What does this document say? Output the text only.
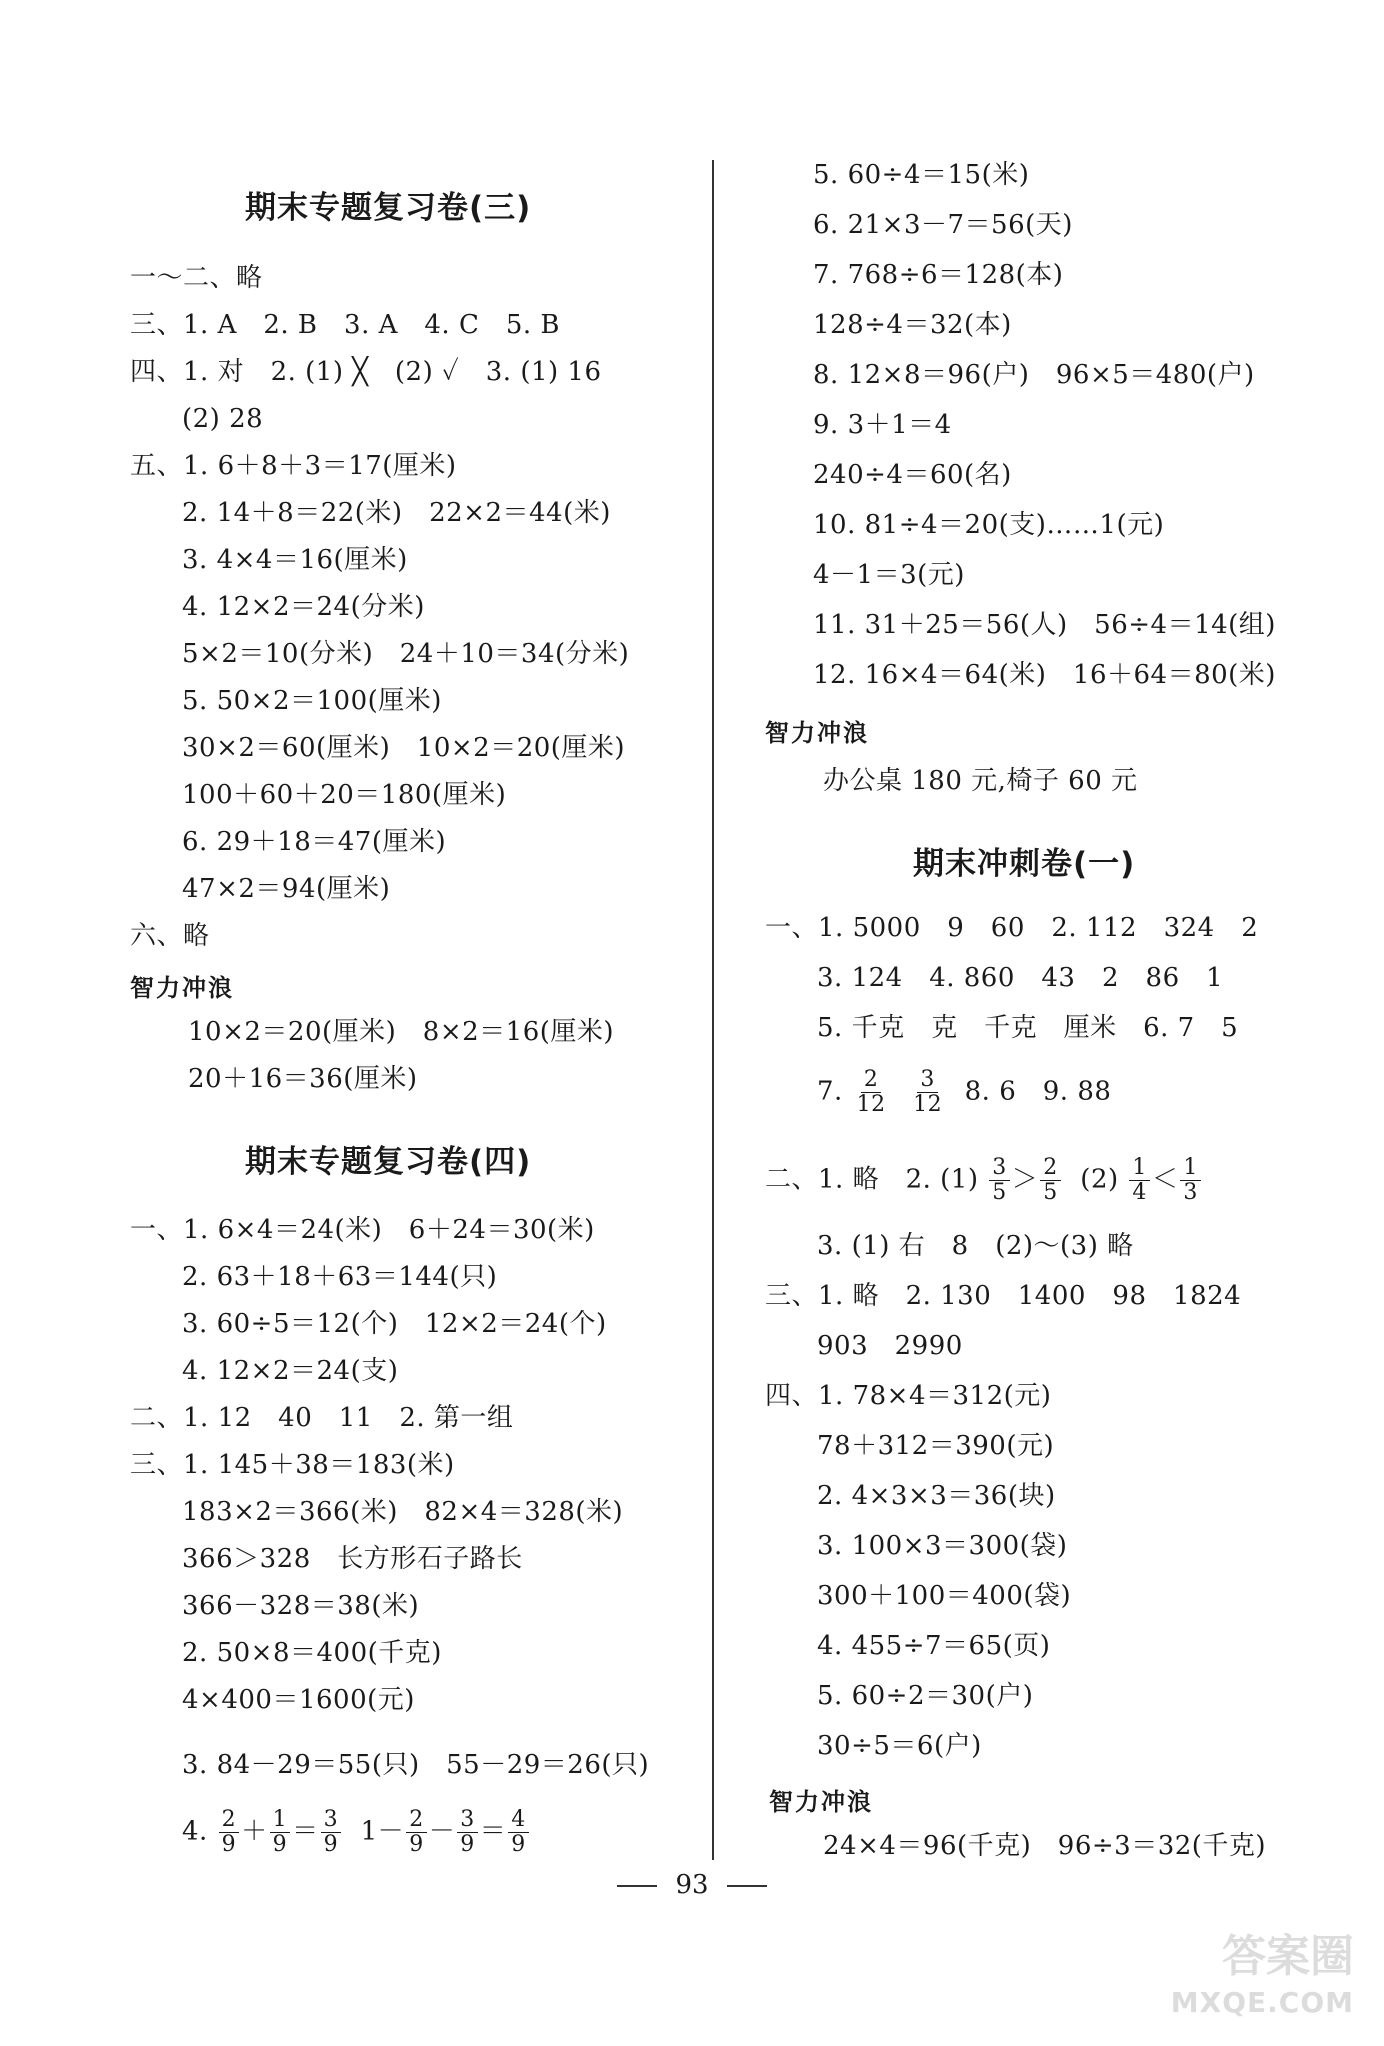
期末专题复习卷(三)
一～二、略
三、1. A　2. B　3. A　4. C　5. B
四、1. 对　2. (1) ╳　(2) ✓　3. (1) 16
(2) 28
五、1. 6＋8＋3＝17(厘米)
2. 14＋8＝22(米)　22×2＝44(米)
3. 4×4＝16(厘米)
4. 12×2＝24(分米)
5×2＝10(分米)　24＋10＝34(分米)
5. 50×2＝100(厘米)
30×2＝60(厘米)　10×2＝20(厘米)
100＋60＋20＝180(厘米)
6. 29＋18＝47(厘米)
47×2＝94(厘米)
六、略
智力冲浪
10×2＝20(厘米)　8×2＝16(厘米)
20＋16＝36(厘米)
期末专题复习卷(四)
一、1. 6×4＝24(米)　6＋24＝30(米)
2. 63＋18＋63＝144(只)
3. 60÷5＝12(个)　12×2＝24(个)
4. 12×2＝24(支)
二、1. 12　40　11　2. 第一组
三、1. 145＋38＝183(米)
183×2＝366(米)　82×4＝328(米)
366＞328　长方形石子路长
366－328＝38(米)
2. 50×8＝400(千克)
4×400＝1600(元)
3. 84－29＝55(只)　55－29＝26(只)
4. $\frac{2}{9} + \frac{1}{9} = \frac{3}{9} 1- \frac{2}{9} - \frac{3}{9} = \frac{4}{9}$
5. 60÷4＝15(米)
6. 21×3－7＝56(天)
7. 768÷6＝128(本)
128÷4＝32(本)
8. 12×8＝96(户)　96×5＝480(户)
9. 3＋1＝4
240÷4＝60(名)
10. 81÷4＝20(支)……1(元)
4－1＝3(元)
11. 31＋25＝56(人)　56÷4＝14(组)
12. 16×4＝64(米)　16＋64＝80(米)
智力冲浪
办公桌 180 元,椅子 60 元
期末冲刺卷(一)
一、1. 5000　9　60　2. 112　324　2
3. 124　4. 860　43　2　86　1
5. 千克　克　千克　厘米　6. 7　5
7. $\frac{2}{12}$
$\frac{3}{12} 8$. 6　9. 88
二、1. 略　2. $(1) \frac{3}{5} > \frac{2}{5} (2) \frac{1}{4} < \frac{1}{3}$
3. (1) 右　8　(2)～(3) 略
三、1. 略　2. 130　1400　98　1824
903　2990
四、1. 78×4＝312(元)
78＋312＝390(元)
2. 4×3×3＝36(块)
3. 100×3＝300(袋)
300＋100＝400(袋)
4. 455÷7＝65(页)
5. 60÷2＝30(户)
30÷5＝6(户)
智力冲浪
24×4＝96(千克)　96÷3＝32(千克)
93
答案圈
MXQE.COM
